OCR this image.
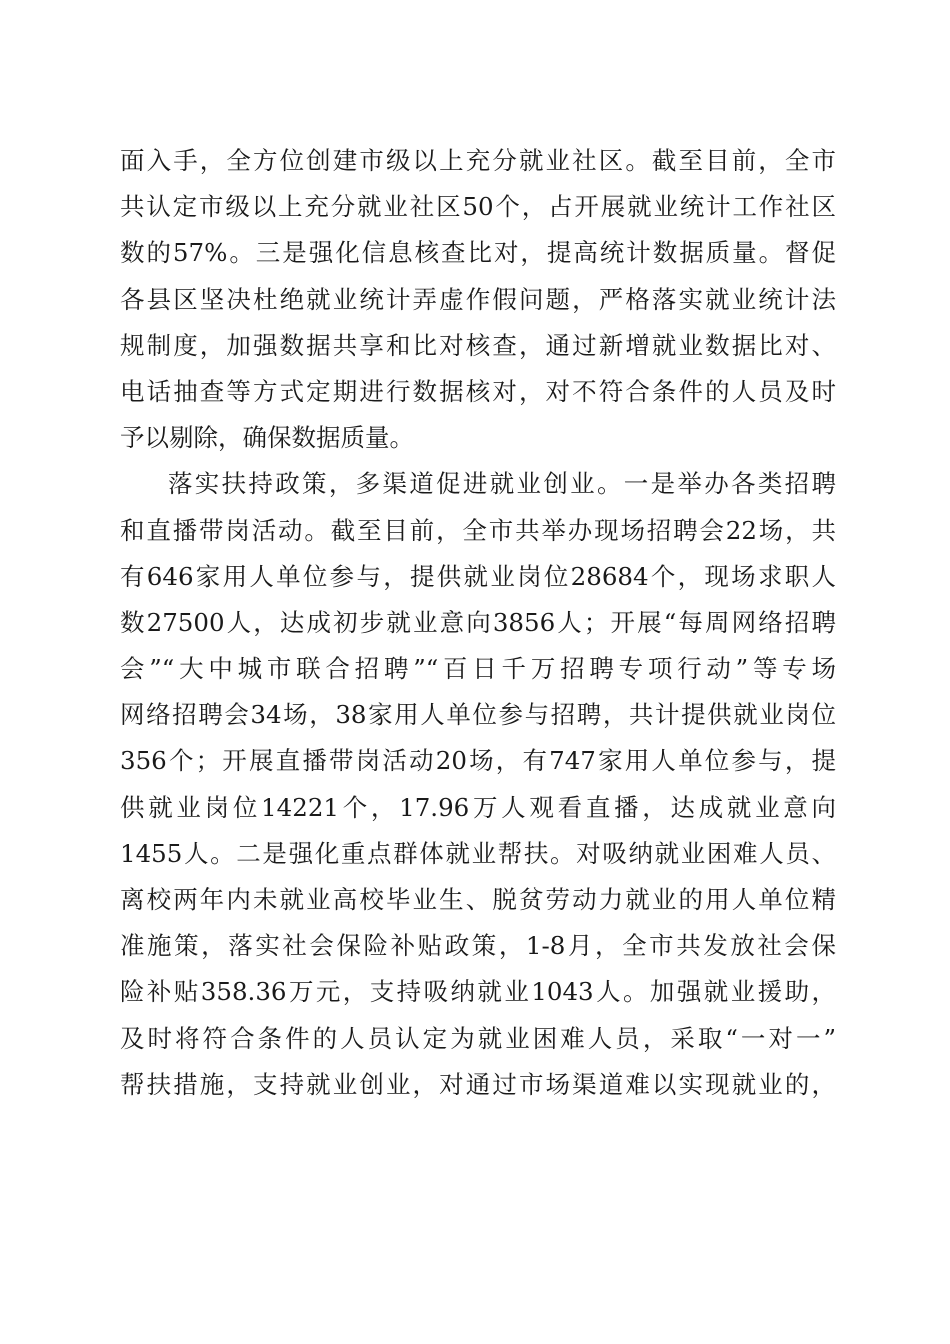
面入手，全方位创建市级以上充分就业社区。截至目前，全市
共认定市级以上充分就业社区50个，占开展就业统计工作社区
数的57%。三是强化信息核查比对，提高统计数据质量。督促
各县区坚决杜绝就业统计弄虚作假问题，严格落实就业统计法
规制度，加强数据共享和比对核查，通过新增就业数据比对、
电话抽查等方式定期进行数据核对，对不符合条件的人员及时
予以剔除，确保数据质量。
落实扶持政策，多渠道促进就业创业。一是举办各类招聘
和直播带岗活动。截至目前，全市共举办现场招聘会22场，共
有646家用人单位参与，提供就业岗位28684个，现场求职人
数27500人，达成初步就业意向3856人；开展“每周网络招聘
会”“大中城市联合招聘”“百日千万招聘专项行动”等专场
网络招聘会34场，38家用人单位参与招聘，共计提供就业岗位
356个；开展直播带岗活动20场，有747家用人单位参与，提
供就业岗位14221个，17.96万人观看直播，达成就业意向
1455人。二是强化重点群体就业帮扶。对吸纳就业困难人员、
离校两年内未就业高校毕业生、脱贫劳动力就业的用人单位精
准施策，落实社会保险补贴政策，1-8月，全市共发放社会保
险补贴358.36万元，支持吸纳就业1043人。加强就业援助，
及时将符合条件的人员认定为就业困难人员，采取“一对一”
帮扶措施，支持就业创业，对通过市场渠道难以实现就业的，
